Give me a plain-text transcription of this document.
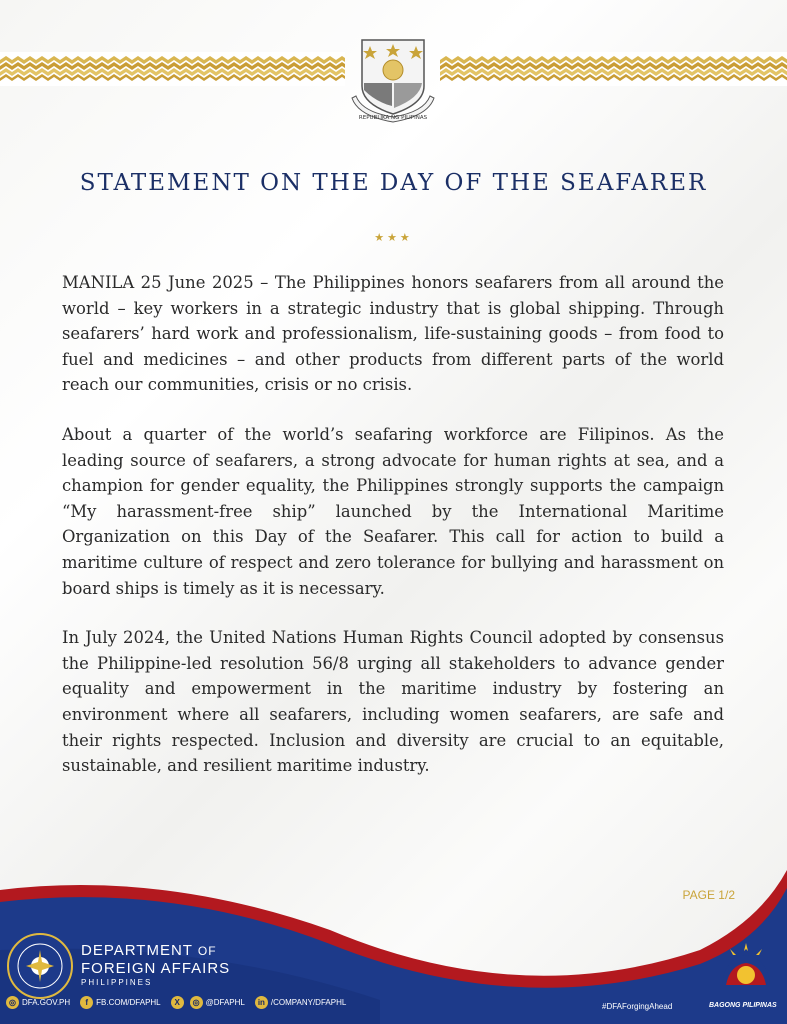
REPUBLIKA NG PILIPINAS
STATEMENT ON THE DAY OF THE SEAFARER
★★★

MANILA 25 June 2025 – The Philippines honors seafarers from all around the world – key workers in a strategic industry that is global shipping. Through seafarers’ hard work and professionalism, life-sustaining goods – from food to fuel and medicines – and other products from different parts of the world reach our communities, crisis or no crisis.

About a quarter of the world’s seafaring workforce are Filipinos. As the leading source of seafarers, a strong advocate for human rights at sea, and a champion for gender equality, the Philippines strongly supports the campaign “My harassment-free ship” launched by the International Maritime Organization on this Day of the Seafarer. This call for action to build a maritime culture of respect and zero tolerance for bullying and harassment on board ships is timely as it is necessary.

In July 2024, the United Nations Human Rights Council adopted by consensus the Philippine-led resolution 56/8 urging all stakeholders to advance gender equality and empowerment in the maritime industry by fostering an environment where all seafarers, including women seafarers, are safe and their rights respected. Inclusion and diversity are crucial to an equitable, sustainable, and resilient maritime industry.

PAGE 1/2
DEPARTMENT OF
FOREIGN AFFAIRS
PHILIPPINES
◎ DFA.GOV.PH	f	FB.COM/DFAPHL	X	◎ @DFAPHL	in /COMPANY/DFAPHL	#DFAForgingAhead	BAGONG PILIPINAS
